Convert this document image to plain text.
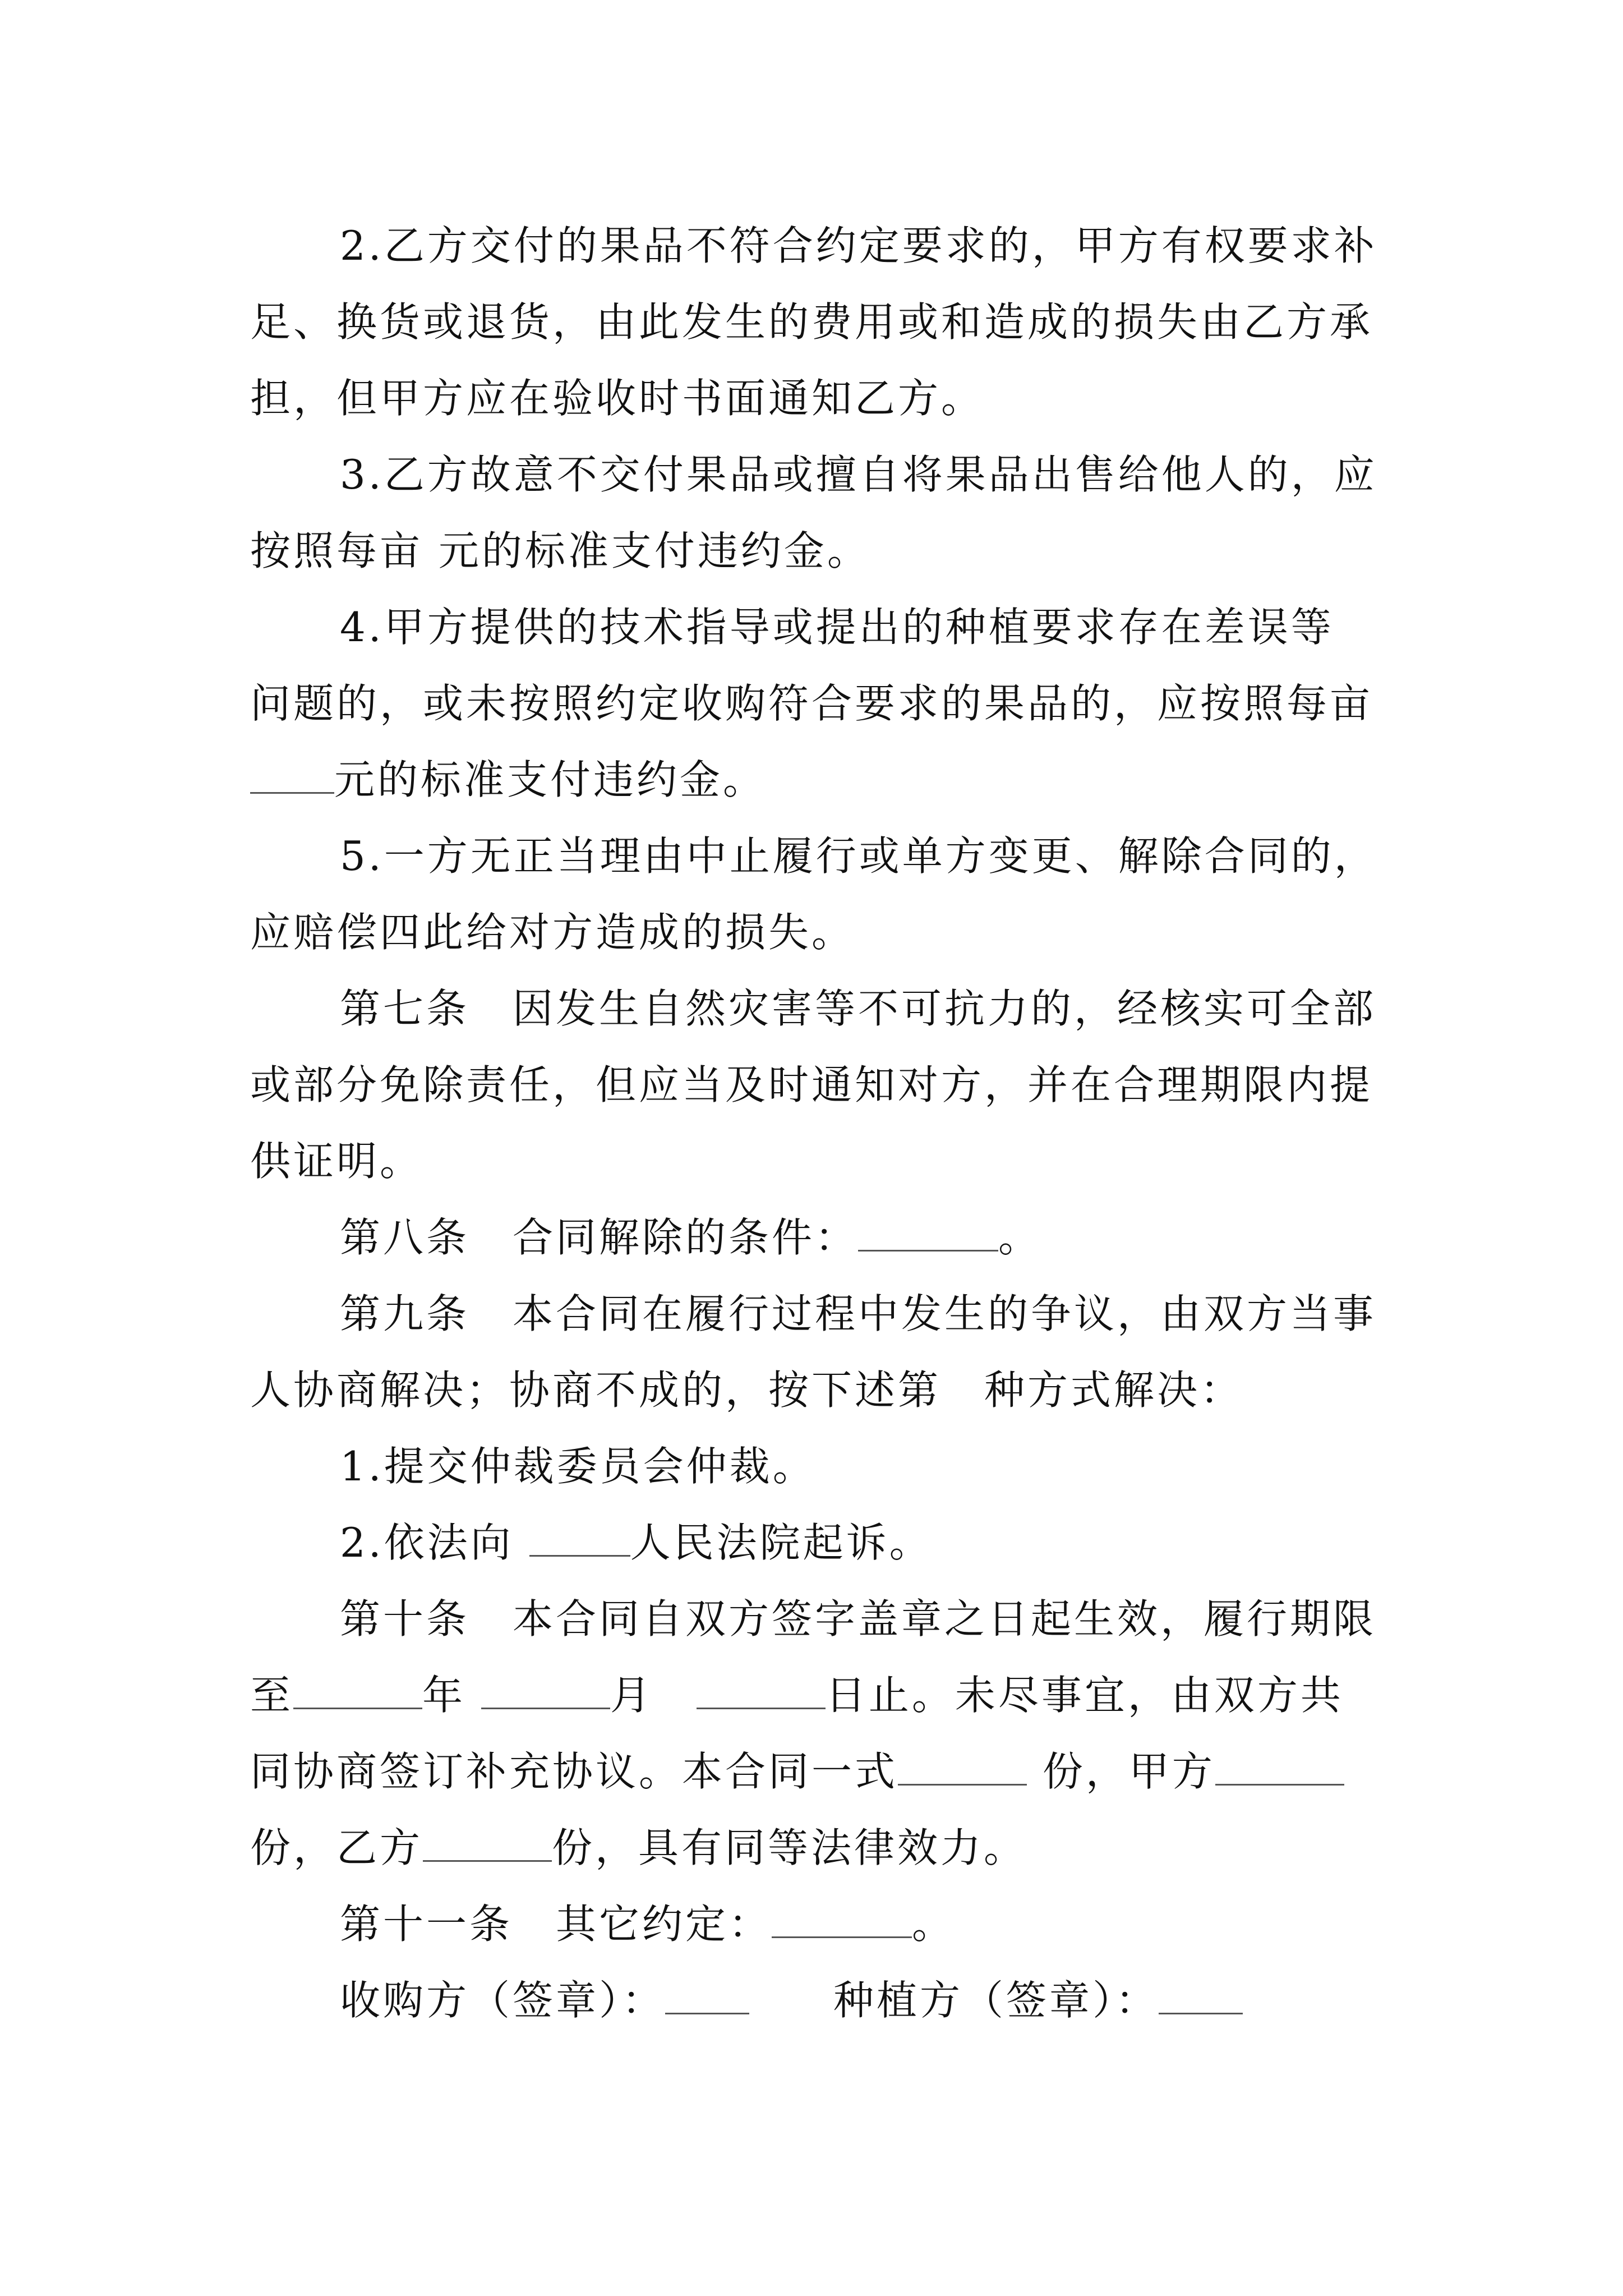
2.乙方交付的果品不符合约定要求的，甲方有权要求补

足、换货或退货，由此发生的费用或和造成的损失由乙方承

担，但甲方应在验收时书面通知乙方。

3.乙方故意不交付果品或擅自将果品出售给他人的，应

按照每亩 元的标准支付违约金。

4.甲方提供的技术指导或提出的种植要求存在差误等

问题的，或未按照约定收购符合要求的果品的，应按照每亩

元的标准支付违约金。

5.一方无正当理由中止履行或单方变更、解除合同的，

应赔偿四此给对方造成的损失。

第七条　因发生自然灾害等不可抗力的，经核实可全部

或部分免除责任，但应当及时通知对方，并在合理期限内提

供证明。

第八条　合同解除的条件：	。

第九条　本合同在履行过程中发生的争议，由双方当事

人协商解决；协商不成的，按下述第　种方式解决：

1.提交仲裁委员会仲裁。

2.依法向	人民法院起诉。

第十条　本合同自双方签字盖章之日起生效，履行期限

至	年	月　	日止。未尽事宜，由双方共

同协商签订补充协议。本合同一式	份，甲方

份，乙方	份，具有同等法律效力。

第十一条　其它约定：	。

收购方（签章）：	种植方（签章）：
